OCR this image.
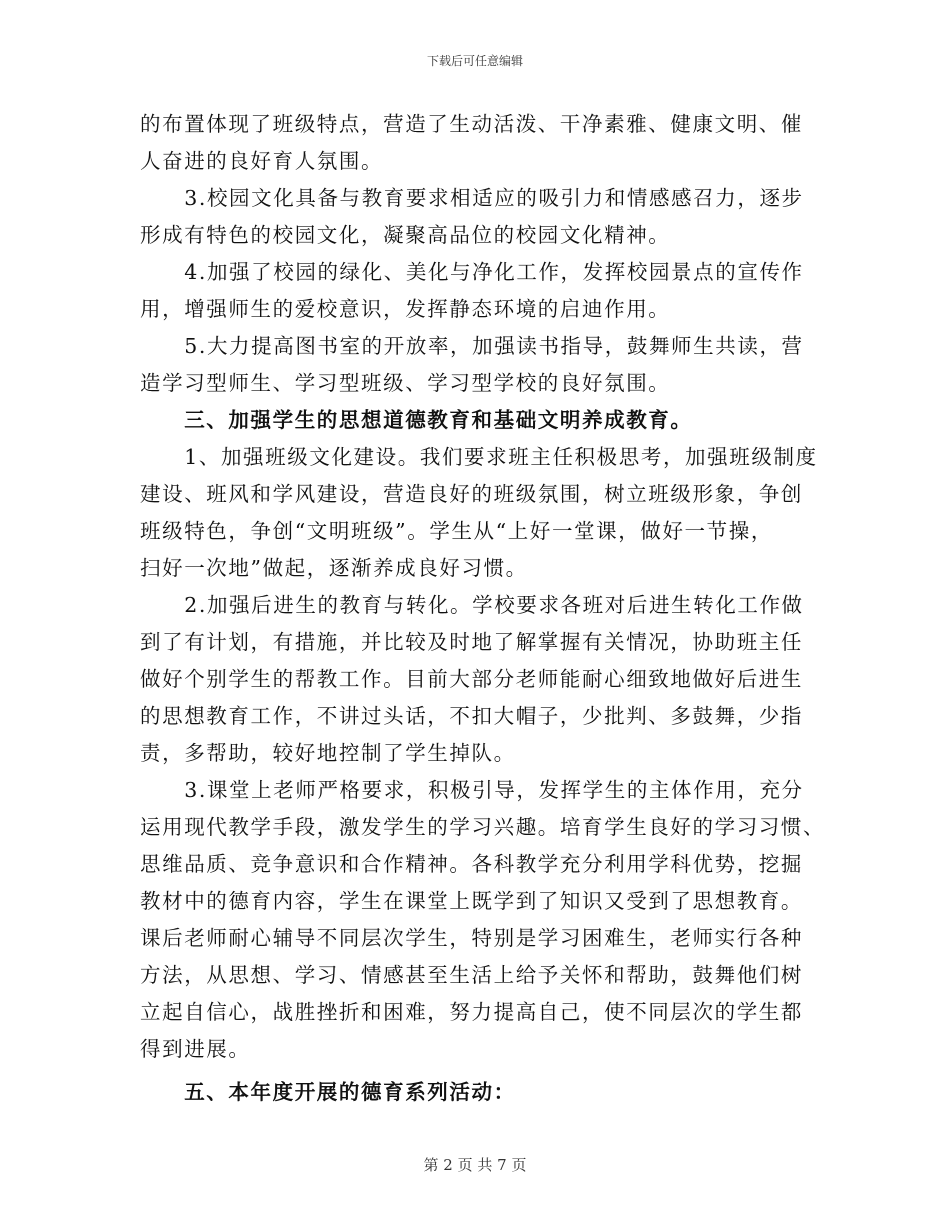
下载后可任意编辑
的布置体现了班级特点，营造了生动活泼、干净素雅、健康文明、催
人奋进的良好育人氛围。
　　3.校园文化具备与教育要求相适应的吸引力和情感感召力，逐步
形成有特色的校园文化，凝聚高品位的校园文化精神。
　　4.加强了校园的绿化、美化与净化工作，发挥校园景点的宣传作
用，增强师生的爱校意识，发挥静态环境的启迪作用。
　　5.大力提高图书室的开放率，加强读书指导，鼓舞师生共读，营
造学习型师生、学习型班级、学习型学校的良好氛围。
　　三、加强学生的思想道德教育和基础文明养成教育。
　　1、加强班级文化建设。我们要求班主任积极思考，加强班级制度
建设、班风和学风建设，营造良好的班级氛围，树立班级形象，争创
班级特色，争创“文明班级”。学生从“上好一堂课，做好一节操，
扫好一次地”做起，逐渐养成良好习惯。
　　2.加强后进生的教育与转化。学校要求各班对后进生转化工作做
到了有计划，有措施，并比较及时地了解掌握有关情况，协助班主任
做好个别学生的帮教工作。目前大部分老师能耐心细致地做好后进生
的思想教育工作，不讲过头话，不扣大帽子，少批判、多鼓舞，少指
责，多帮助，较好地控制了学生掉队。
　　3.课堂上老师严格要求，积极引导，发挥学生的主体作用，充分
运用现代教学手段，激发学生的学习兴趣。培育学生良好的学习习惯、
思维品质、竞争意识和合作精神。各科教学充分利用学科优势，挖掘
教材中的德育内容，学生在课堂上既学到了知识又受到了思想教育。
课后老师耐心辅导不同层次学生，特别是学习困难生，老师实行各种
方法，从思想、学习、情感甚至生活上给予关怀和帮助，鼓舞他们树
立起自信心，战胜挫折和困难，努力提高自己，使不同层次的学生都
得到进展。
　　五、本年度开展的德育系列活动：
第 2 页 共 7 页
